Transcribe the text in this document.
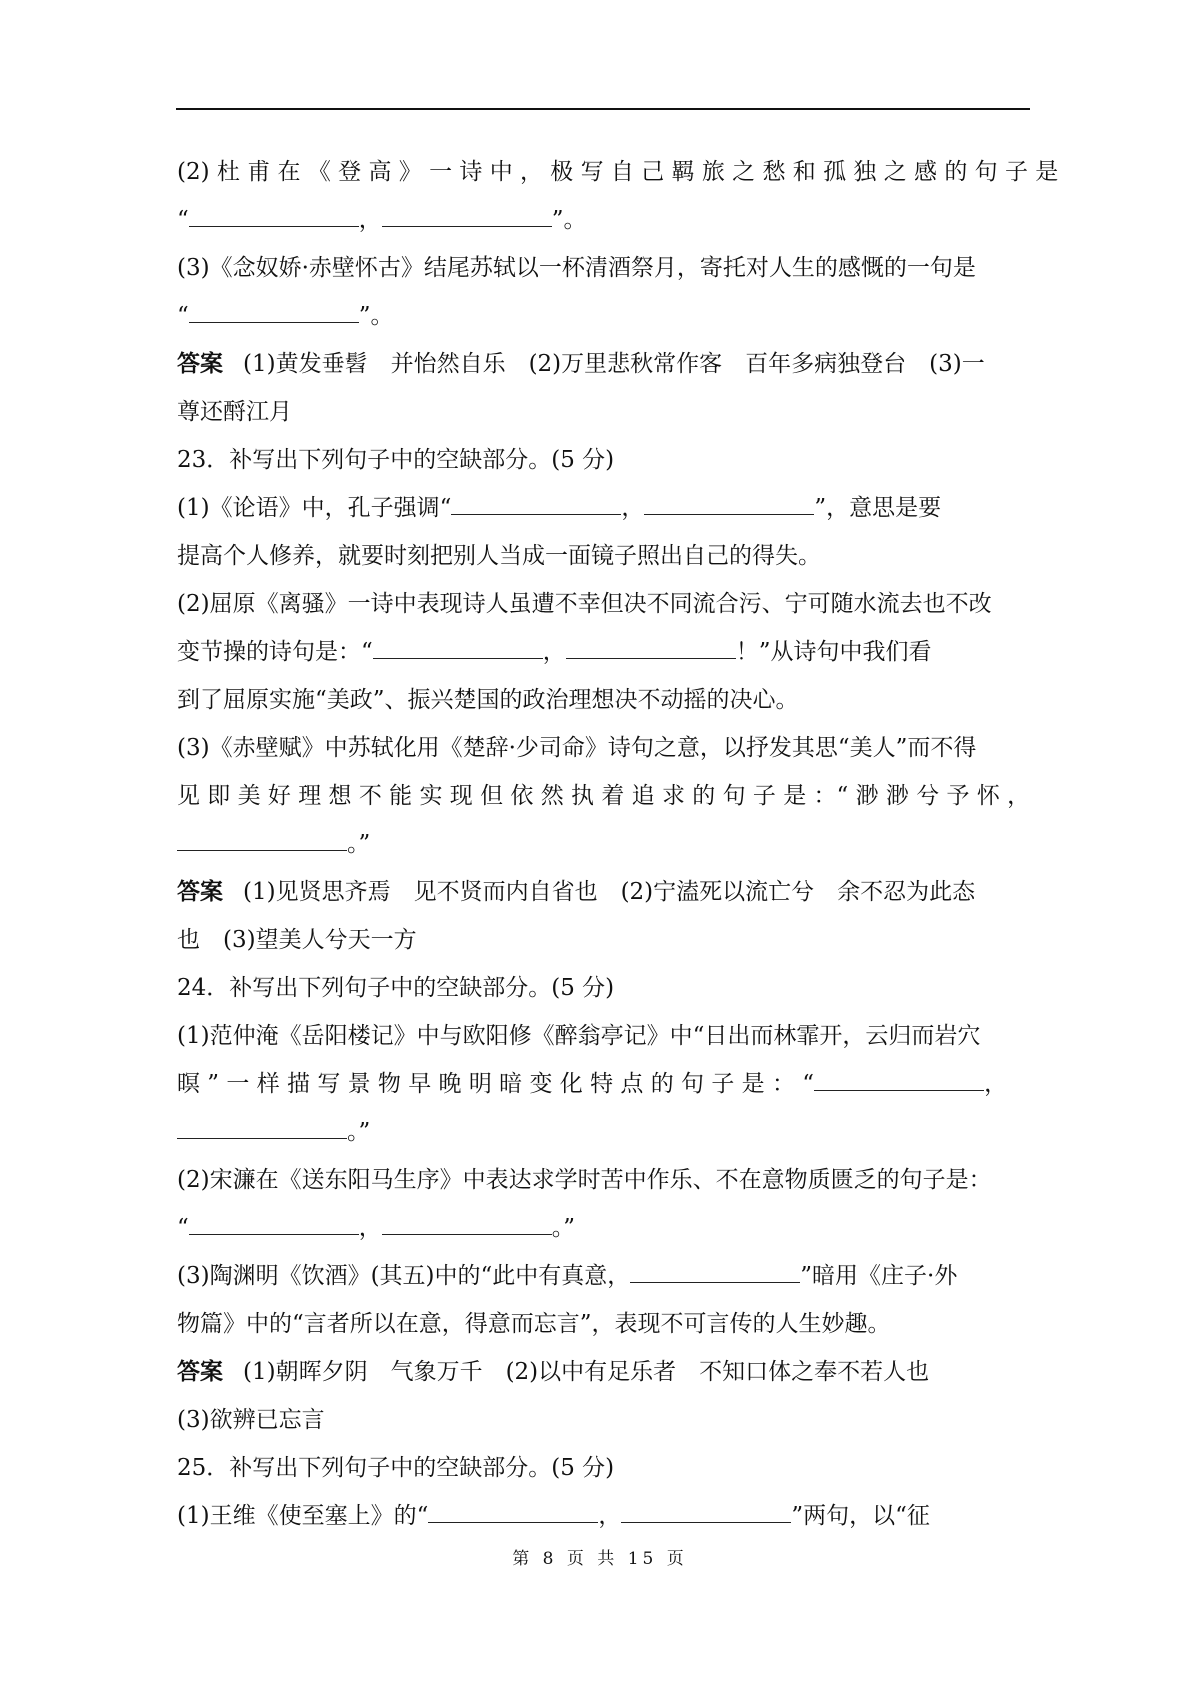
(2) 杜 甫 在 《 登 高 》 一 诗 中 ， 极 写 自 己 羁 旅 之 愁 和 孤 独 之 感 的 句 子 是
“	，	”。
(3)《念奴娇·赤壁怀古》结尾苏轼以一杯清酒祭月，寄托对人生的感慨的一句是
“	”。
答案 (1)黄发垂髫　并怡然自乐　(2)万里悲秋常作客　百年多病独登台　(3)一
尊还酹江月
23．补写出下列句子中的空缺部分。(5 分)
(1)《论语》中，孔子强调“	，	”，意思是要
提高个人修养，就要时刻把别人当成一面镜子照出自己的得失。
(2)屈原《离骚》一诗中表现诗人虽遭不幸但决不同流合污、宁可随水流去也不改
变节操的诗句是：“	，	！”从诗句中我们看
到了屈原实施“美政”、振兴楚国的政治理想决不动摇的决心。
(3)《赤壁赋》中苏轼化用《楚辞·少司命》诗句之意，以抒发其思“美人”而不得
见 即 美 好 理 想 不 能 实 现 但 依 然 执 着 追 求 的 句 子 是 ：“ 渺 渺 兮 予 怀 ，
。”
答案 (1)见贤思齐焉　见不贤而内自省也　(2)宁溘死以流亡兮　余不忍为此态
也　(3)望美人兮天一方
24．补写出下列句子中的空缺部分。(5 分)
(1)范仲淹《岳阳楼记》中与欧阳修《醉翁亭记》中“日出而林霏开，云归而岩穴
暝 ” 一 样 描 写 景 物 早 晚 明 暗 变 化 特 点 的 句 子 是 ： “	，
。”
(2)宋濂在《送东阳马生序》中表达求学时苦中作乐、不在意物质匮乏的句子是：
“	，	。”
(3)陶渊明《饮酒》(其五)中的“此中有真意，	”暗用《庄子·外
物篇》中的“言者所以在意，得意而忘言”，表现不可言传的人生妙趣。
答案 (1)朝晖夕阴　气象万千　(2)以中有足乐者　不知口体之奉不若人也
(3)欲辨已忘言
25．补写出下列句子中的空缺部分。(5 分)
(1)王维《使至塞上》的“	，	”两句，以“征
第 8 页 共 15 页
